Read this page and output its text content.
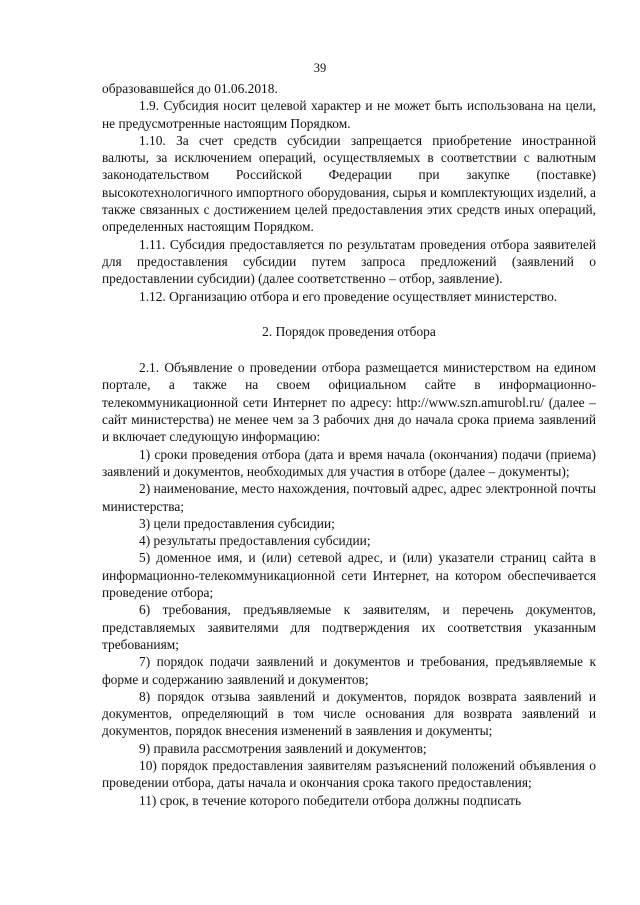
39

образовавшейся до 01.06.2018.

1.9. Субсидия носит целевой характер и не может быть использована на цели, не предусмотренные настоящим Порядком.

1.10. За счет средств субсидии запрещается приобретение иностранной валюты, за исключением операций, осуществляемых в соответствии с валютным законодательством Российской Федерации при закупке (поставке) высокотехнологичного импортного оборудования, сырья и комплектующих изделий, а также связанных с достижением целей предоставления этих средств иных операций, определенных настоящим Порядком.

1.11. Субсидия предоставляется по результатам проведения отбора заявителей для предоставления субсидии путем запроса предложений (заявлений о предоставлении субсидии) (далее соответственно – отбор, заявление).

1.12. Организацию отбора и его проведение осуществляет министерство.

2. Порядок проведения отбора

2.1. Объявление о проведении отбора размещается министерством на едином портале, а также на своем официальном сайте в информационно-телекоммуникационной сети Интернет по адресу: http://www.szn.amurobl.ru/ (далее – сайт министерства) не менее чем за 3 рабочих дня до начала срока приема заявлений и включает следующую информацию:

1) сроки проведения отбора (дата и время начала (окончания) подачи (приема) заявлений и документов, необходимых для участия в отборе (далее – документы);

2) наименование, место нахождения, почтовый адрес, адрес электронной почты министерства;

3) цели предоставления субсидии;

4) результаты предоставления субсидии;

5) доменное имя, и (или) сетевой адрес, и (или) указатели страниц сайта в информационно-телекоммуникационной сети Интернет, на котором обеспечивается проведение отбора;

6) требования, предъявляемые к заявителям, и перечень документов, представляемых заявителями для подтверждения их соответствия указанным требованиям;

7) порядок подачи заявлений и документов и требования, предъявляемые к форме и содержанию заявлений и документов;

8) порядок отзыва заявлений и документов, порядок возврата заявлений и документов, определяющий в том числе основания для возврата заявлений и документов, порядок внесения изменений в заявления и документы;

9) правила рассмотрения заявлений и документов;

10) порядок предоставления заявителям разъяснений положений объявления о проведении отбора, даты начала и окончания срока такого предоставления;

11) срок, в течение которого победители отбора должны подписать
